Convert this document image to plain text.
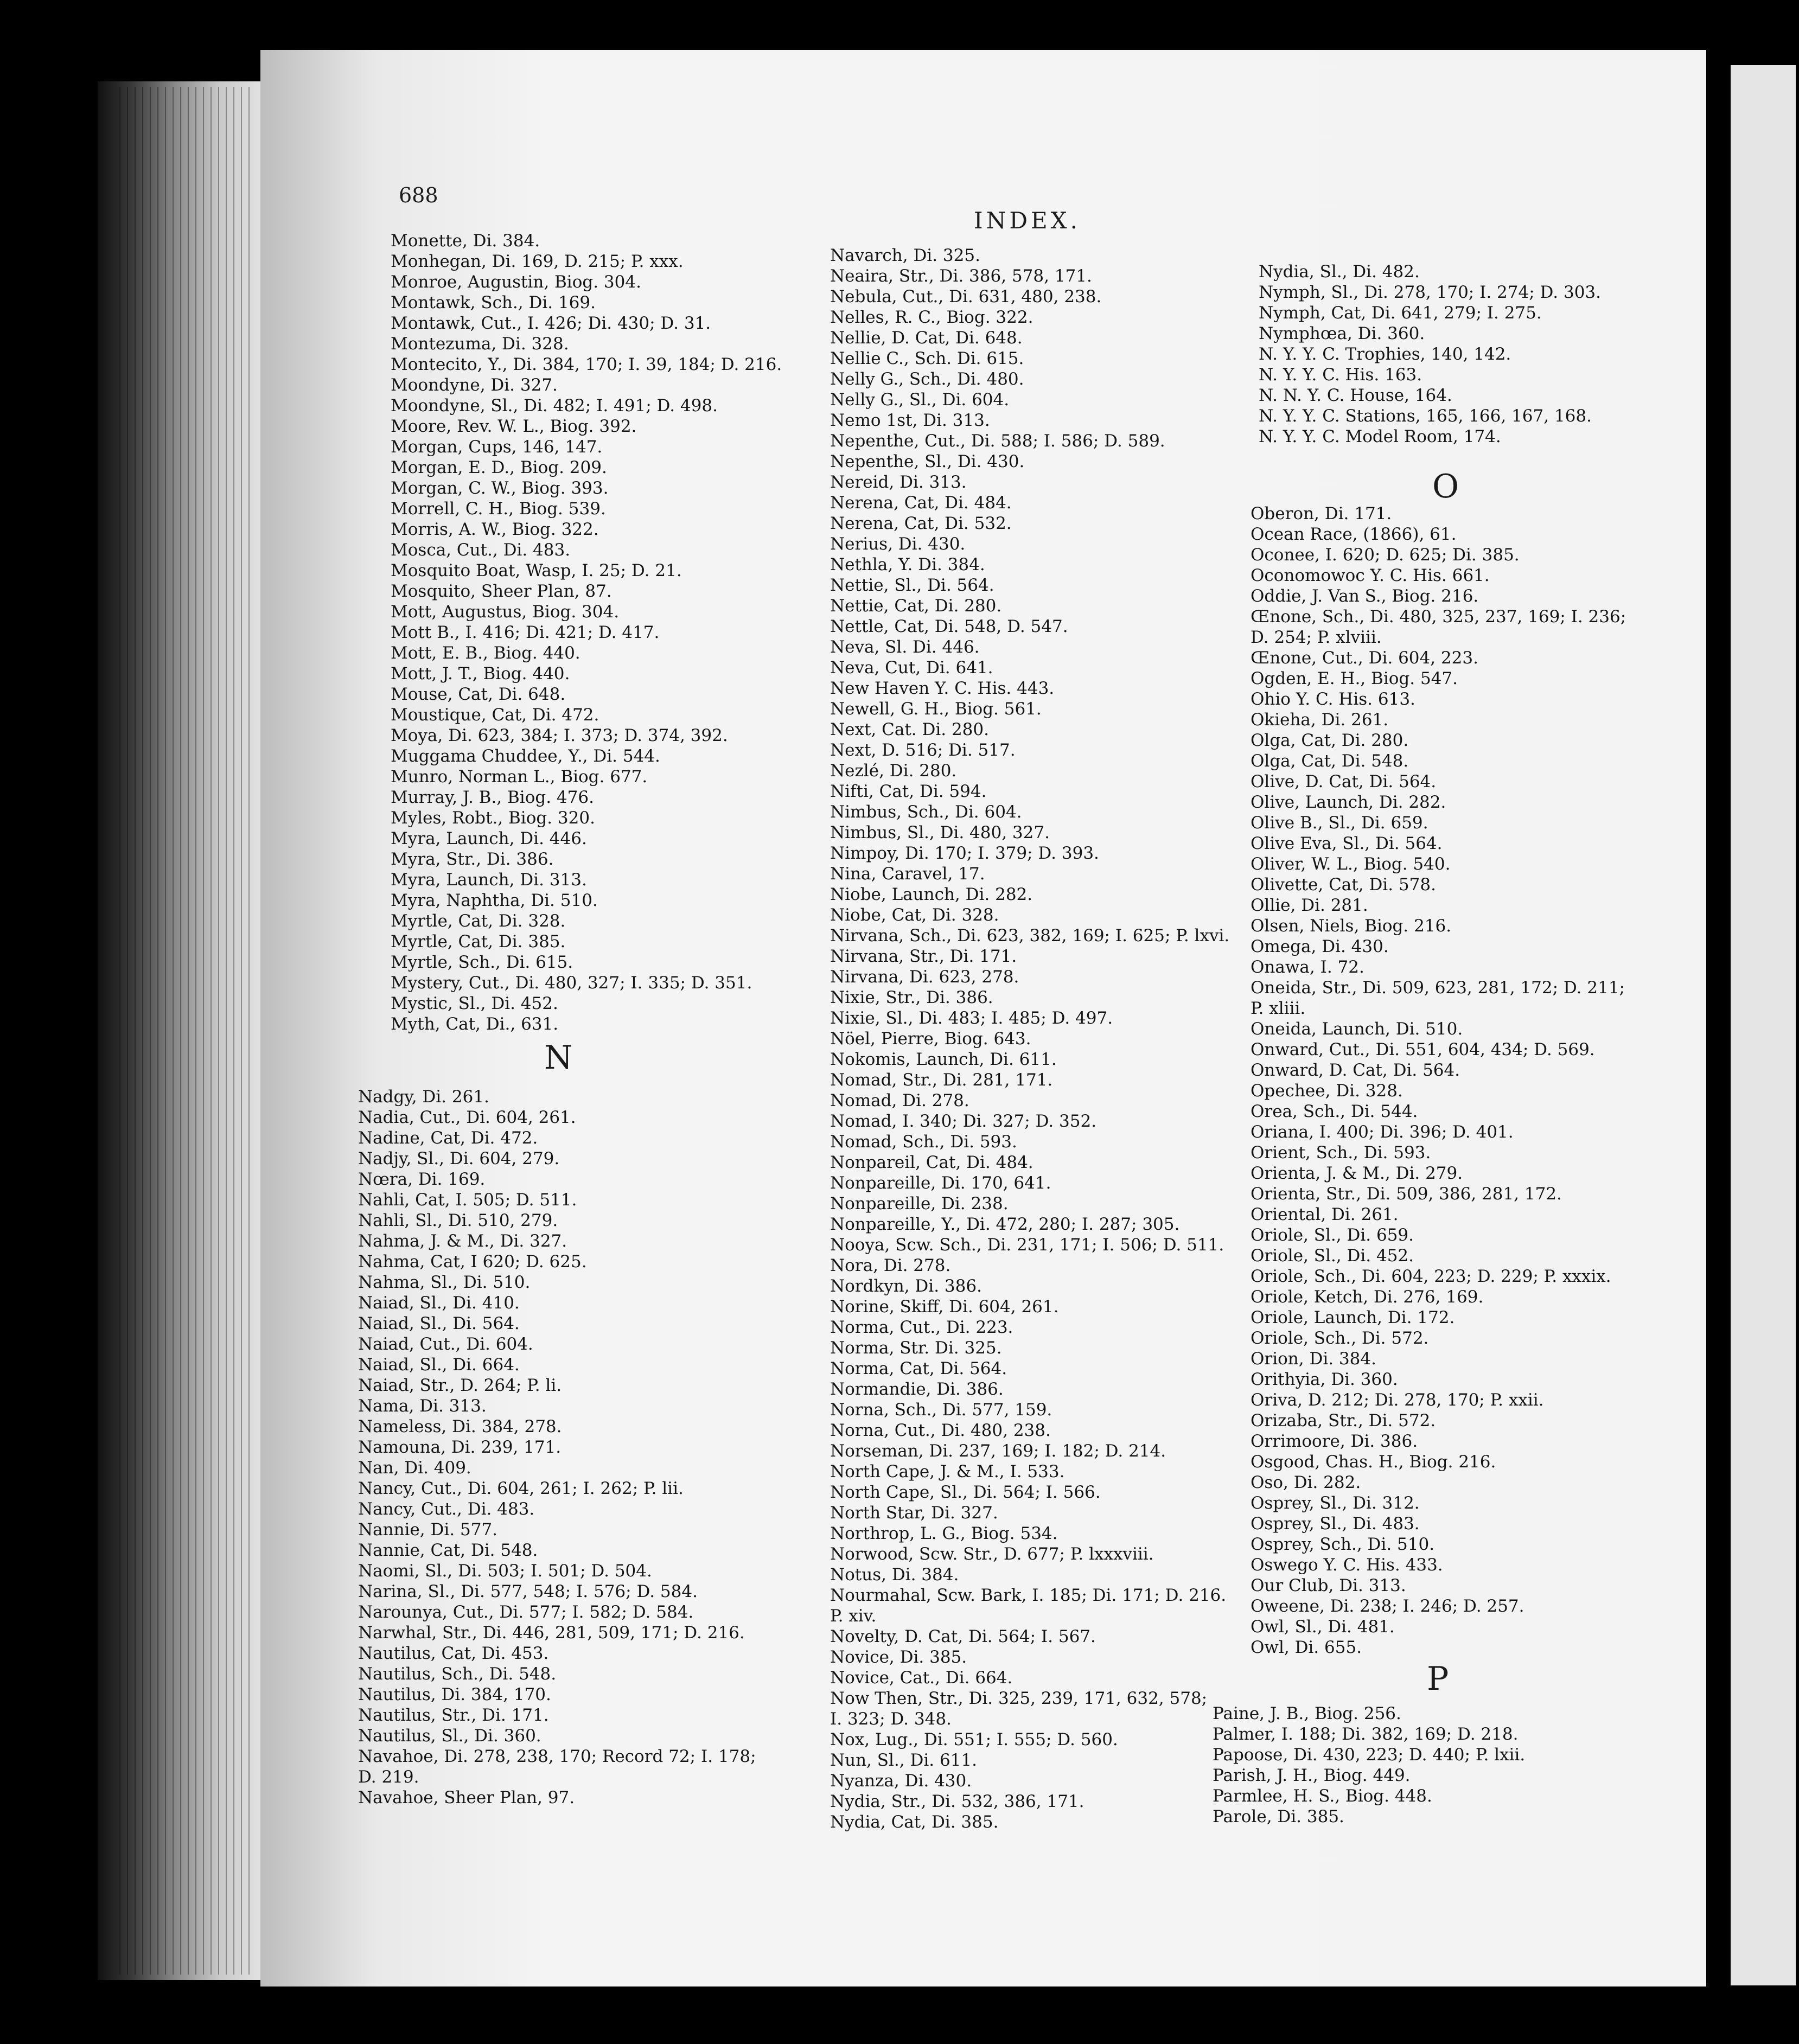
688
INDEX.
Monette, Di. 384.
Monhegan, Di. 169, D. 215; P. xxx.
Monroe, Augustin, Biog. 304.
Montawk, Sch., Di. 169.
Montawk, Cut., I. 426; Di. 430; D. 31.
Montezuma, Di. 328.
Montecito, Y., Di. 384, 170; I. 39, 184; D. 216.
Moondyne, Di. 327.
Moondyne, Sl., Di. 482; I. 491; D. 498.
Moore, Rev. W. L., Biog. 392.
Morgan, Cups, 146, 147.
Morgan, E. D., Biog. 209.
Morgan, C. W., Biog. 393.
Morrell, C. H., Biog. 539.
Morris, A. W., Biog. 322.
Mosca, Cut., Di. 483.
Mosquito Boat, Wasp, I. 25; D. 21.
Mosquito, Sheer Plan, 87.
Mott, Augustus, Biog. 304.
Mott B., I. 416; Di. 421; D. 417.
Mott, E. B., Biog. 440.
Mott, J. T., Biog. 440.
Mouse, Cat, Di. 648.
Moustique, Cat, Di. 472.
Moya, Di. 623, 384; I. 373; D. 374, 392.
Muggama Chuddee, Y., Di. 544.
Munro, Norman L., Biog. 677.
Murray, J. B., Biog. 476.
Myles, Robt., Biog. 320.
Myra, Launch, Di. 446.
Myra, Str., Di. 386.
Myra, Launch, Di. 313.
Myra, Naphtha, Di. 510.
Myrtle, Cat, Di. 328.
Myrtle, Cat, Di. 385.
Myrtle, Sch., Di. 615.
Mystery, Cut., Di. 480, 327; I. 335; D. 351.
Mystic, Sl., Di. 452.
Myth, Cat, Di., 631.
N
Nadgy, Di. 261.
Nadia, Cut., Di. 604, 261.
Nadine, Cat, Di. 472.
Nadjy, Sl., Di. 604, 279.
Nœra, Di. 169.
Nahli, Cat, I. 505; D. 511.
Nahli, Sl., Di. 510, 279.
Nahma, J. & M., Di. 327.
Nahma, Cat, I 620; D. 625.
Nahma, Sl., Di. 510.
Naiad, Sl., Di. 410.
Naiad, Sl., Di. 564.
Naiad, Cut., Di. 604.
Naiad, Sl., Di. 664.
Naiad, Str., D. 264; P. li.
Nama, Di. 313.
Nameless, Di. 384, 278.
Namouna, Di. 239, 171.
Nan, Di. 409.
Nancy, Cut., Di. 604, 261; I. 262; P. lii.
Nancy, Cut., Di. 483.
Nannie, Di. 577.
Nannie, Cat, Di. 548.
Naomi, Sl., Di. 503; I. 501; D. 504.
Narina, Sl., Di. 577, 548; I. 576; D. 584.
Narounya, Cut., Di. 577; I. 582; D. 584.
Narwhal, Str., Di. 446, 281, 509, 171; D. 216.
Nautilus, Cat, Di. 453.
Nautilus, Sch., Di. 548.
Nautilus, Di. 384, 170.
Nautilus, Str., Di. 171.
Nautilus, Sl., Di. 360.
Navahoe, Di. 278, 238, 170; Record 72; I. 178;
D. 219.
Navahoe, Sheer Plan, 97.
Navarch, Di. 325.
Neaira, Str., Di. 386, 578, 171.
Nebula, Cut., Di. 631, 480, 238.
Nelles, R. C., Biog. 322.
Nellie, D. Cat, Di. 648.
Nellie C., Sch. Di. 615.
Nelly G., Sch., Di. 480.
Nelly G., Sl., Di. 604.
Nemo 1st, Di. 313.
Nepenthe, Cut., Di. 588; I. 586; D. 589.
Nepenthe, Sl., Di. 430.
Nereid, Di. 313.
Nerena, Cat, Di. 484.
Nerena, Cat, Di. 532.
Nerius, Di. 430.
Nethla, Y. Di. 384.
Nettie, Sl., Di. 564.
Nettie, Cat, Di. 280.
Nettle, Cat, Di. 548, D. 547.
Neva, Sl. Di. 446.
Neva, Cut, Di. 641.
New Haven Y. C. His. 443.
Newell, G. H., Biog. 561.
Next, Cat. Di. 280.
Next, D. 516; Di. 517.
Nezlé, Di. 280.
Nifti, Cat, Di. 594.
Nimbus, Sch., Di. 604.
Nimbus, Sl., Di. 480, 327.
Nimpoy, Di. 170; I. 379; D. 393.
Nina, Caravel, 17.
Niobe, Launch, Di. 282.
Niobe, Cat, Di. 328.
Nirvana, Sch., Di. 623, 382, 169; I. 625; P. lxvi.
Nirvana, Str., Di. 171.
Nirvana, Di. 623, 278.
Nixie, Str., Di. 386.
Nixie, Sl., Di. 483; I. 485; D. 497.
Nöel, Pierre, Biog. 643.
Nokomis, Launch, Di. 611.
Nomad, Str., Di. 281, 171.
Nomad, Di. 278.
Nomad, I. 340; Di. 327; D. 352.
Nomad, Sch., Di. 593.
Nonpareil, Cat, Di. 484.
Nonpareille, Di. 170, 641.
Nonpareille, Di. 238.
Nonpareille, Y., Di. 472, 280; I. 287; 305.
Nooya, Scw. Sch., Di. 231, 171; I. 506; D. 511.
Nora, Di. 278.
Nordkyn, Di. 386.
Norine, Skiff, Di. 604, 261.
Norma, Cut., Di. 223.
Norma, Str. Di. 325.
Norma, Cat, Di. 564.
Normandie, Di. 386.
Norna, Sch., Di. 577, 159.
Norna, Cut., Di. 480, 238.
Norseman, Di. 237, 169; I. 182; D. 214.
North Cape, J. & M., I. 533.
North Cape, Sl., Di. 564; I. 566.
North Star, Di. 327.
Northrop, L. G., Biog. 534.
Norwood, Scw. Str., D. 677; P. lxxxviii.
Notus, Di. 384.
Nourmahal, Scw. Bark, I. 185; Di. 171; D. 216.
P. xiv.
Novelty, D. Cat, Di. 564; I. 567.
Novice, Di. 385.
Novice, Cat., Di. 664.
Now Then, Str., Di. 325, 239, 171, 632, 578;
I. 323; D. 348.
Nox, Lug., Di. 551; I. 555; D. 560.
Nun, Sl., Di. 611.
Nyanza, Di. 430.
Nydia, Str., Di. 532, 386, 171.
Nydia, Cat, Di. 385.
Nydia, Sl., Di. 482.
Nymph, Sl., Di. 278, 170; I. 274; D. 303.
Nymph, Cat, Di. 641, 279; I. 275.
Nymphœa, Di. 360.
N. Y. Y. C. Trophies, 140, 142.
N. Y. Y. C. His. 163.
N. N. Y. C. House, 164.
N. Y. Y. C. Stations, 165, 166, 167, 168.
N. Y. Y. C. Model Room, 174.
O
Oberon, Di. 171.
Ocean Race, (1866), 61.
Oconee, I. 620; D. 625; Di. 385.
Oconomowoc Y. C. His. 661.
Oddie, J. Van S., Biog. 216.
Œnone, Sch., Di. 480, 325, 237, 169; I. 236;
D. 254; P. xlviii.
Œnone, Cut., Di. 604, 223.
Ogden, E. H., Biog. 547.
Ohio Y. C. His. 613.
Okieha, Di. 261.
Olga, Cat, Di. 280.
Olga, Cat, Di. 548.
Olive, D. Cat, Di. 564.
Olive, Launch, Di. 282.
Olive B., Sl., Di. 659.
Olive Eva, Sl., Di. 564.
Oliver, W. L., Biog. 540.
Olivette, Cat, Di. 578.
Ollie, Di. 281.
Olsen, Niels, Biog. 216.
Omega, Di. 430.
Onawa, I. 72.
Oneida, Str., Di. 509, 623, 281, 172; D. 211;
P. xliii.
Oneida, Launch, Di. 510.
Onward, Cut., Di. 551, 604, 434; D. 569.
Onward, D. Cat, Di. 564.
Opechee, Di. 328.
Orea, Sch., Di. 544.
Oriana, I. 400; Di. 396; D. 401.
Orient, Sch., Di. 593.
Orienta, J. & M., Di. 279.
Orienta, Str., Di. 509, 386, 281, 172.
Oriental, Di. 261.
Oriole, Sl., Di. 659.
Oriole, Sl., Di. 452.
Oriole, Sch., Di. 604, 223; D. 229; P. xxxix.
Oriole, Ketch, Di. 276, 169.
Oriole, Launch, Di. 172.
Oriole, Sch., Di. 572.
Orion, Di. 384.
Orithyia, Di. 360.
Oriva, D. 212; Di. 278, 170; P. xxii.
Orizaba, Str., Di. 572.
Orrimoore, Di. 386.
Osgood, Chas. H., Biog. 216.
Oso, Di. 282.
Osprey, Sl., Di. 312.
Osprey, Sl., Di. 483.
Osprey, Sch., Di. 510.
Oswego Y. C. His. 433.
Our Club, Di. 313.
Oweene, Di. 238; I. 246; D. 257.
Owl, Sl., Di. 481.
Owl, Di. 655.
P
Paine, J. B., Biog. 256.
Palmer, I. 188; Di. 382, 169; D. 218.
Papoose, Di. 430, 223; D. 440; P. lxii.
Parish, J. H., Biog. 449.
Parmlee, H. S., Biog. 448.
Parole, Di. 385.
